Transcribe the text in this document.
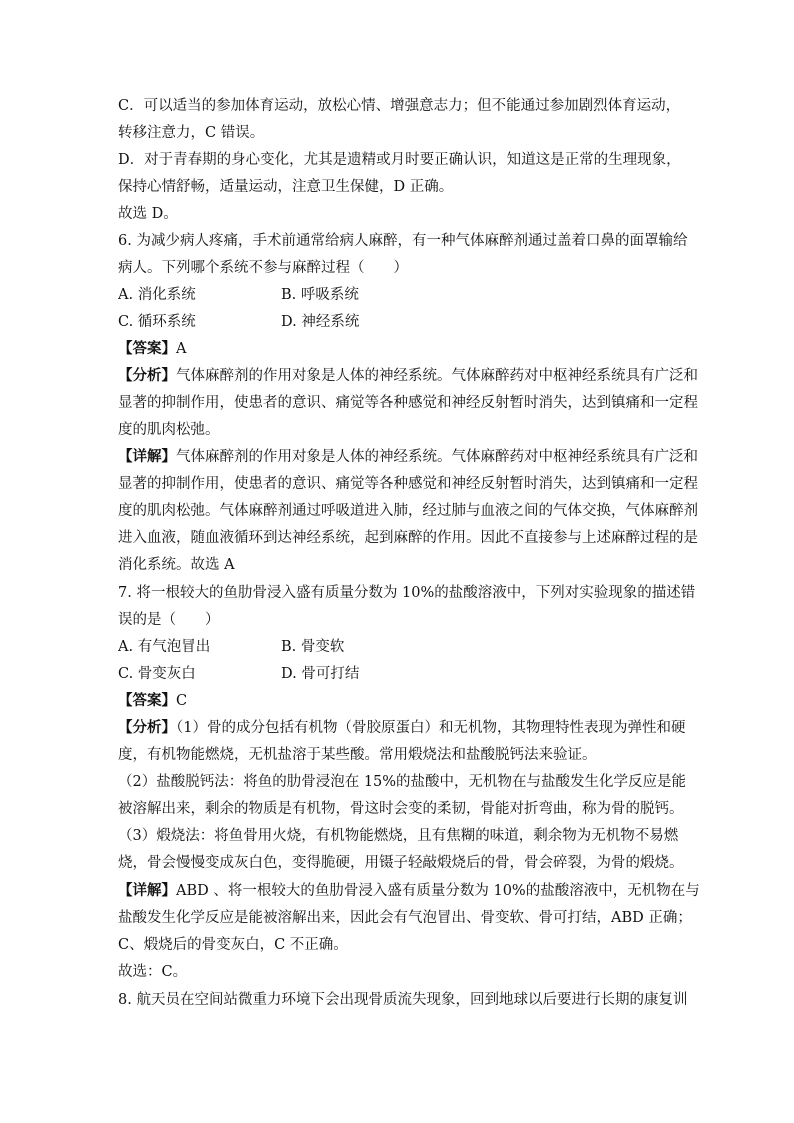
C．可以适当的参加体育运动，放松心情、增强意志力；但不能通过参加剧烈体育运动，
转移注意力，C 错误。
D．对于青春期的身心变化，尤其是遗精或月时要正确认识，知道这是正常的生理现象，
保持心情舒畅，适量运动，注意卫生保健，D 正确。
故选 D。
6. 为减少病人疼痛，手术前通常给病人麻醉，有一种气体麻醉剂通过盖着口鼻的面罩输给
病人。下列哪个系统不参与麻醉过程（　　）
A. 消化系统	B. 呼吸系统
C. 循环系统	D. 神经系统
【答案】A
【分析】气体麻醉剂的作用对象是人体的神经系统。气体麻醉药对中枢神经系统具有广泛和
显著的抑制作用，使患者的意识、痛觉等各种感觉和神经反射暂时消失，达到镇痛和一定程
度的肌肉松弛。
【详解】气体麻醉剂的作用对象是人体的神经系统。气体麻醉药对中枢神经系统具有广泛和
显著的抑制作用，使患者的意识、痛觉等各种感觉和神经反射暂时消失，达到镇痛和一定程
度的肌肉松弛。气体麻醉剂通过呼吸道进入肺，经过肺与血液之间的气体交换，气体麻醉剂
进入血液，随血液循环到达神经系统，起到麻醉的作用。因此不直接参与上述麻醉过程的是
消化系统。故选 A
7. 将一根较大的鱼肋骨浸入盛有质量分数为 10%的盐酸溶液中，下列对实验现象的描述错
误的是（　　）
A. 有气泡冒出	B. 骨变软
C. 骨变灰白	D. 骨可打结
【答案】C
【分析】（1）骨的成分包括有机物（骨胶原蛋白）和无机物，其物理特性表现为弹性和硬
度，有机物能燃烧，无机盐溶于某些酸。常用煅烧法和盐酸脱钙法来验证。
（2）盐酸脱钙法：将鱼的肋骨浸泡在 15%的盐酸中，无机物在与盐酸发生化学反应是能
被溶解出来，剩余的物质是有机物，骨这时会变的柔韧，骨能对折弯曲，称为骨的脱钙。
（3）煅烧法：将鱼骨用火烧，有机物能燃烧，且有焦糊的味道，剩余物为无机物不易燃
烧，骨会慢慢变成灰白色，变得脆硬，用镊子轻敲煅烧后的骨，骨会碎裂，为骨的煅烧。
【详解】ABD 、将一根较大的鱼肋骨浸入盛有质量分数为 10%的盐酸溶液中，无机物在与
盐酸发生化学反应是能被溶解出来，因此会有气泡冒出、骨变软、骨可打结，ABD 正确；
C、煅烧后的骨变灰白，C 不正确。
故选：C。
8. 航天员在空间站微重力环境下会出现骨质流失现象，回到地球以后要进行长期的康复训
